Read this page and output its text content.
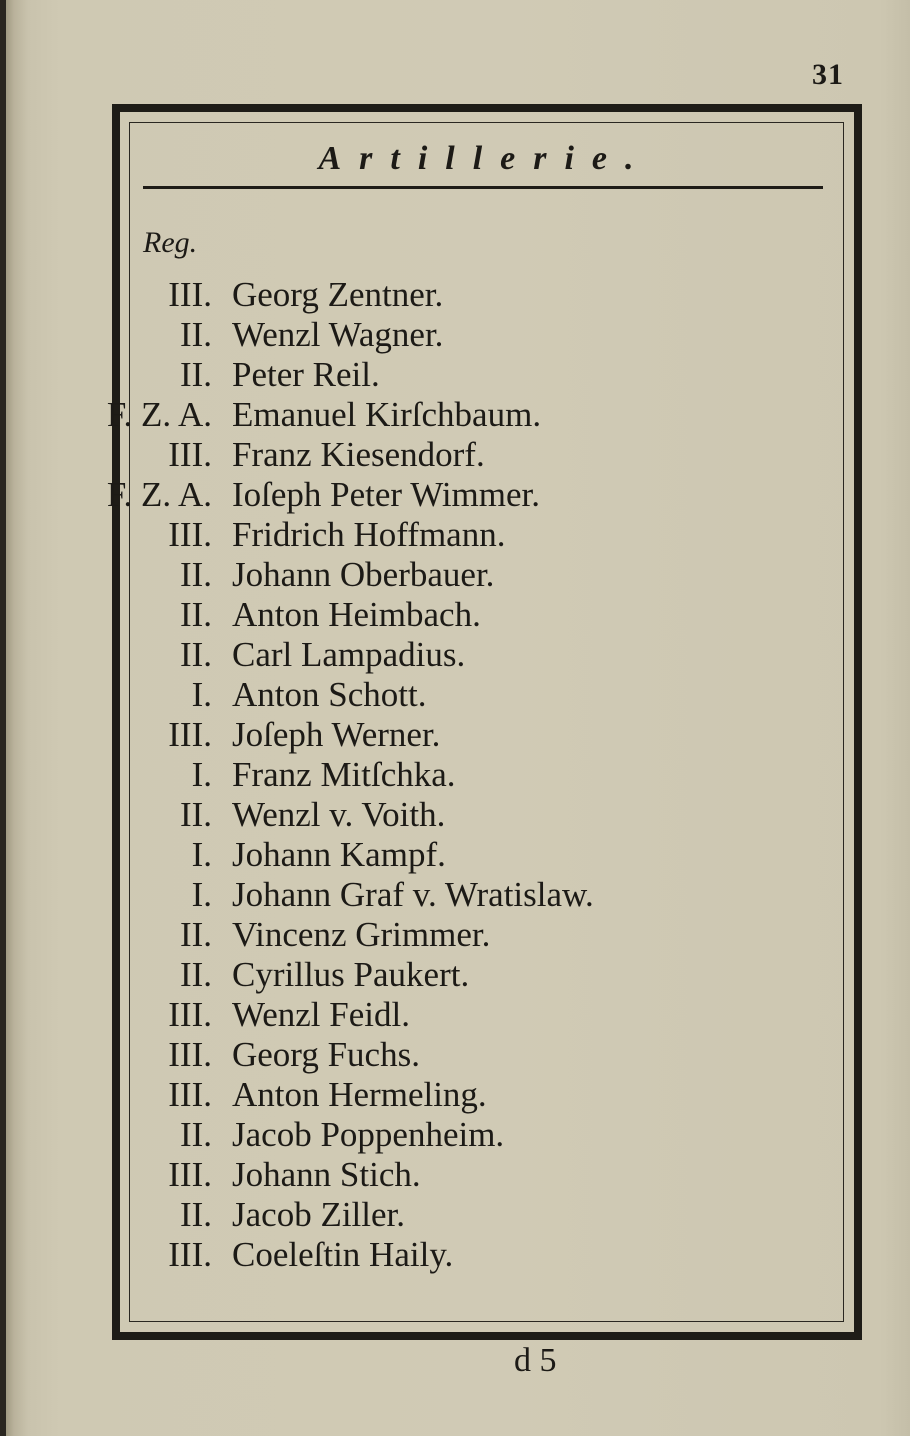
31
Artillerie.
Reg.
III. Georg Zentner.
II. Wenzl Wagner.
II. Peter Reil.
F. Z. A. Emanuel Kirſchbaum.
III. Franz Kiesendorf.
F. Z. A. Ioſeph Peter Wimmer.
III. Fridrich Hoffmann.
II. Johann Oberbauer.
II. Anton Heimbach.
II. Carl Lampadius.
I. Anton Schott.
III. Joſeph Werner.
I. Franz Mitſchka.
II. Wenzl v. Voith.
I. Johann Kampf.
I. Johann Graf v. Wratislaw.
II. Vincenz Grimmer.
II. Cyrillus Paukert.
III. Wenzl Feidl.
III. Georg Fuchs.
III. Anton Hermeling.
II. Jacob Poppenheim.
III. Johann Stich.
II. Jacob Ziller.
III. Coeleſtin Haily.
d 5
